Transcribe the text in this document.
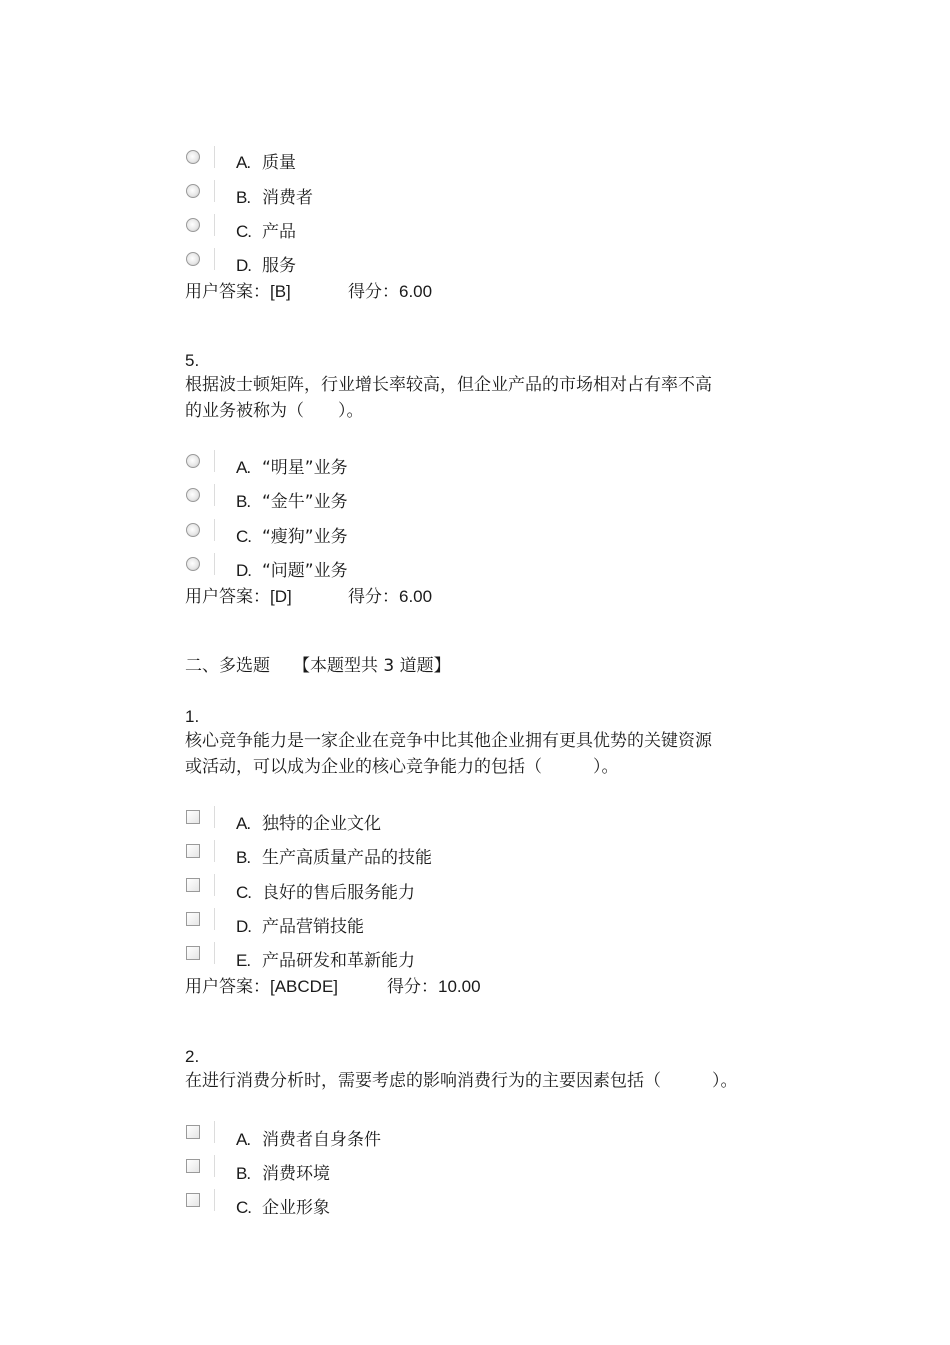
A. 质量
B. 消费者
C. 产品
D. 服务
用户答案：[B]	得分：6.00
5.
根据波士顿矩阵，行业增长率较高，但企业产品的市场相对占有率不高
的业务被称为（　　）。
A. “明星”业务
B. “金牛”业务
C. “瘦狗”业务
D. “问题”业务
用户答案：[D]	得分：6.00
二、多选题 【本题型共 3 道题】
1.
核心竞争能力是一家企业在竞争中比其他企业拥有更具优势的关键资源
或活动，可以成为企业的核心竞争能力的包括（　　　）。
A. 独特的企业文化
B. 生产高质量产品的技能
C. 良好的售后服务能力
D. 产品营销技能
E. 产品研发和革新能力
用户答案：[ABCDE]	得分：10.00
2.
在进行消费分析时，需要考虑的影响消费行为的主要因素包括（　　　）。
A. 消费者自身条件
B. 消费环境
C. 企业形象
